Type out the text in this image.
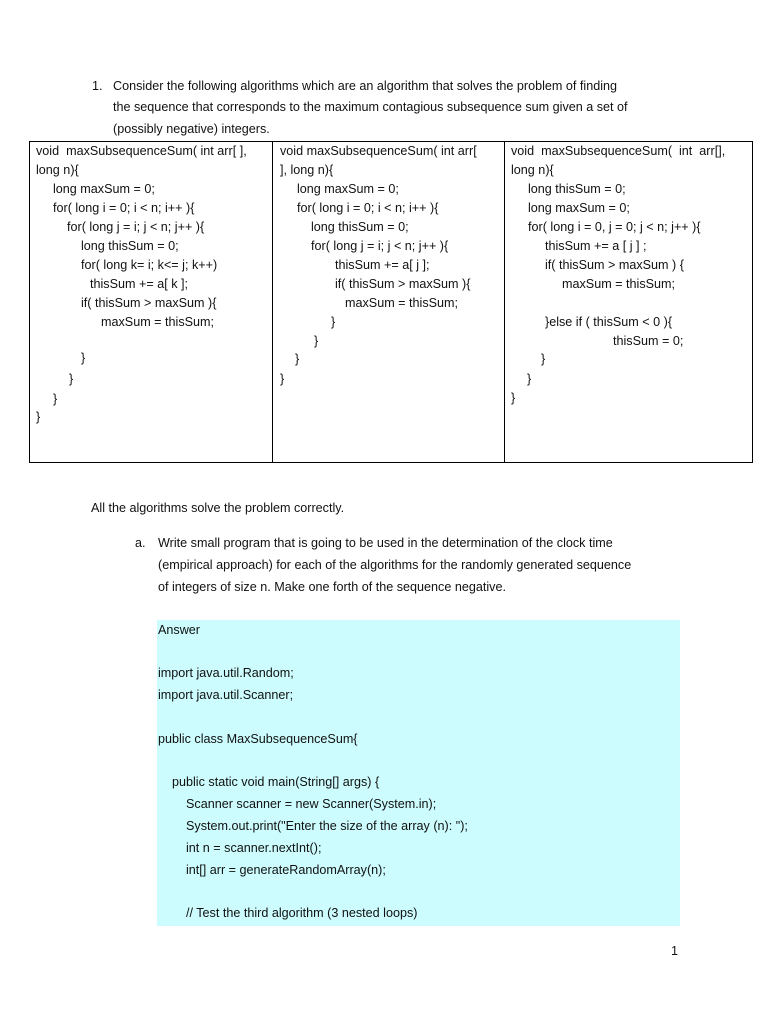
1. Consider the following algorithms which are an algorithm that solves the problem of finding
the sequence that corresponds to the maximum contagious subsequence sum given a set of
(possibly negative) integers.
void  maxSubsequenceSum( int arr[ ],
long n){
long maxSum = 0;
for( long i = 0; i < n; i++ ){
for( long j = i; j < n; j++ ){
long thisSum = 0;
for( long k= i; k<= j; k++)
thisSum += a[ k ];
if( thisSum > maxSum ){
maxSum = thisSum;
}
}
}
}
void maxSubsequenceSum( int arr[
], long n){
long maxSum = 0;
for( long i = 0; i < n; i++ ){
long thisSum = 0;
for( long j = i; j < n; j++ ){
thisSum += a[ j ];
if( thisSum > maxSum ){
maxSum = thisSum;
}
}
}
}
void  maxSubsequenceSum(  int  arr[],
long n){
long thisSum = 0;
long maxSum = 0;
for( long i = 0, j = 0; j < n; j++ ){
thisSum += a [ j ] ;
if( thisSum > maxSum ) {
maxSum = thisSum;
}else if ( thisSum < 0 ){
thisSum = 0;
}
}
}
All the algorithms solve the problem correctly.
a. Write small program that is going to be used in the determination of the clock time
(empirical approach) for each of the algorithms for the randomly generated sequence
of integers of size n. Make one forth of the sequence negative.
Answer
import java.util.Random;
import java.util.Scanner;
public class MaxSubsequenceSum{
public static void main(String[] args) {
Scanner scanner = new Scanner(System.in);
System.out.print("Enter the size of the array (n): ");
int n = scanner.nextInt();
int[] arr = generateRandomArray(n);
// Test the third algorithm (3 nested loops)
1
